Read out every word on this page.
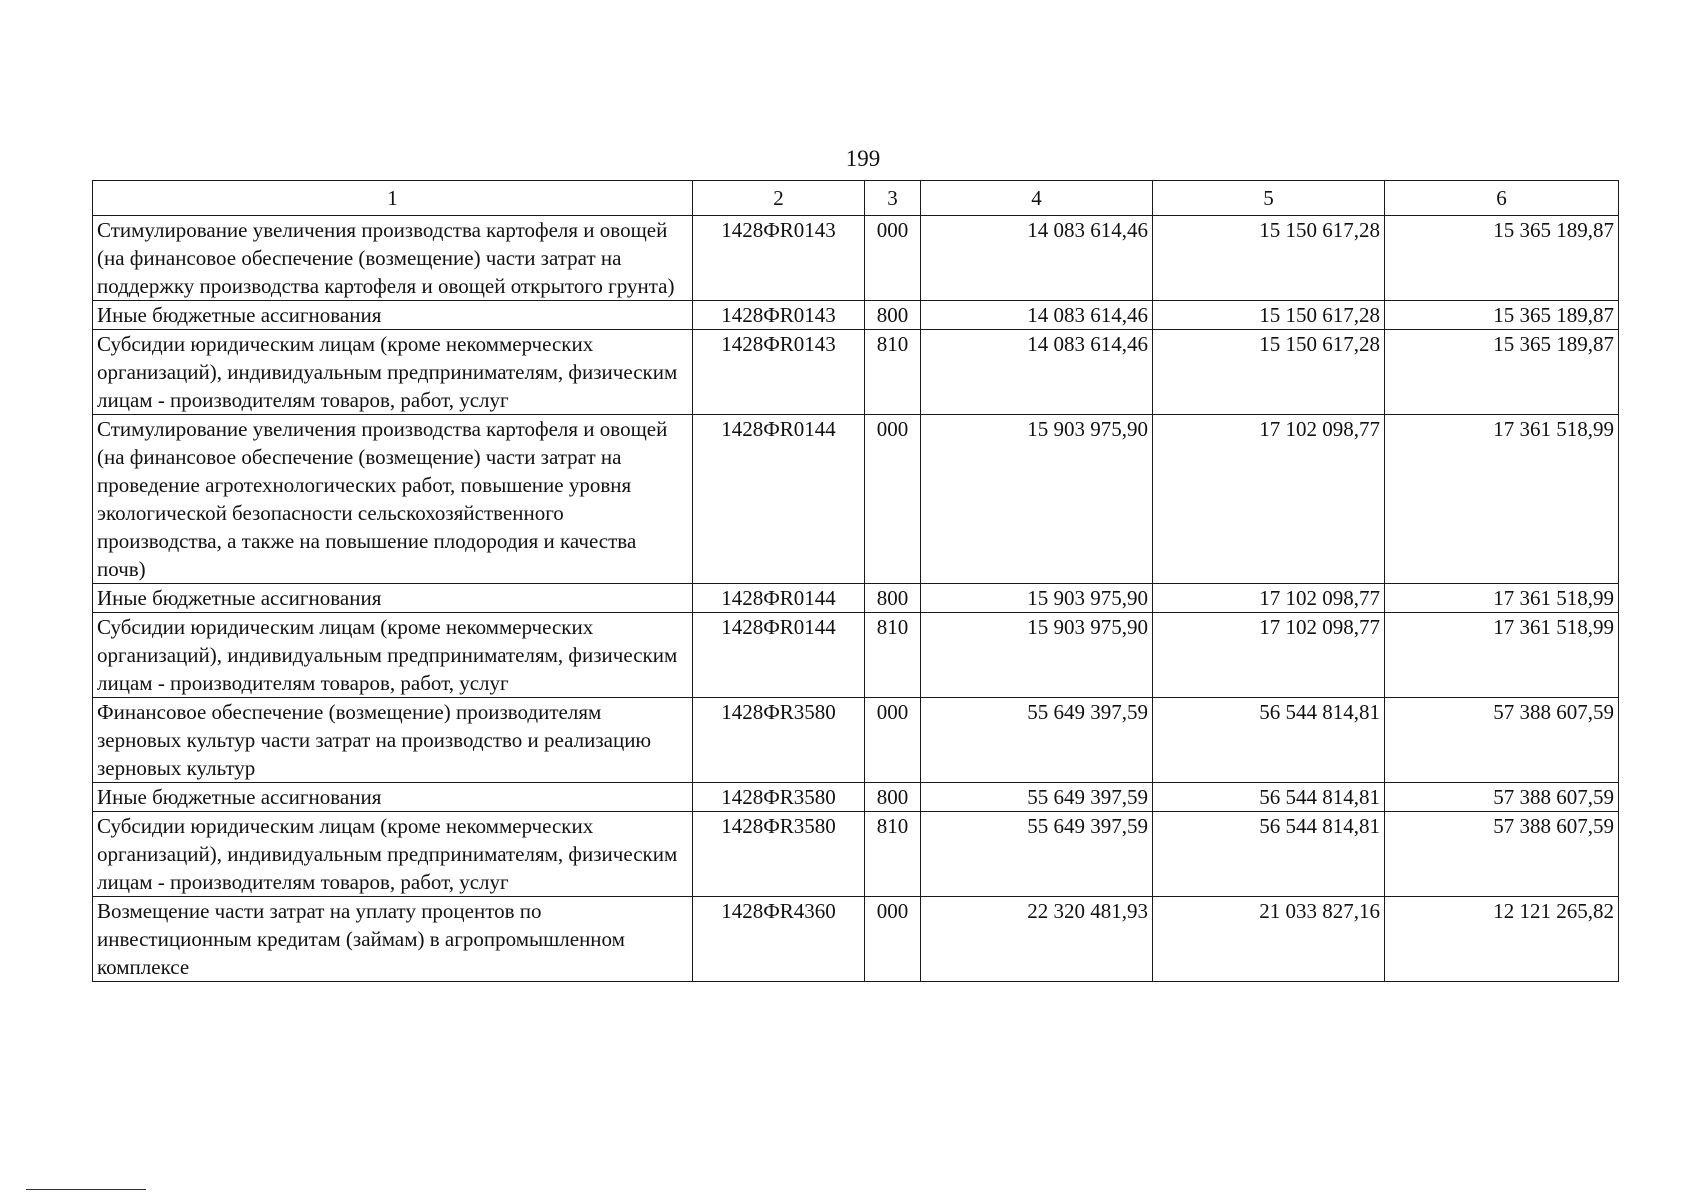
199
1	2	3	4	5	6
Стимулирование увеличения производства картофеля и овощей (на финансовое обеспечение (возмещение) части затрат на поддержку производства картофеля и овощей открытого грунта)	1428ФR0143	000	14 083 614,46	15 150 617,28	15 365 189,87
Иные бюджетные ассигнования	1428ФR0143	800	14 083 614,46	15 150 617,28	15 365 189,87
Субсидии юридическим лицам (кроме некоммерческих организаций), индивидуальным предпринимателям, физическим лицам - производителям товаров, работ, услуг	1428ФR0143	810	14 083 614,46	15 150 617,28	15 365 189,87
Стимулирование увеличения производства картофеля и овощей (на финансовое обеспечение (возмещение) части затрат на проведение агротехнологических работ, повышение уровня экологической безопасности сельскохозяйственного производства, а также на повышение плодородия и качества почв)	1428ФR0144	000	15 903 975,90	17 102 098,77	17 361 518,99
Иные бюджетные ассигнования	1428ФR0144	800	15 903 975,90	17 102 098,77	17 361 518,99
Субсидии юридическим лицам (кроме некоммерческих организаций), индивидуальным предпринимателям, физическим лицам - производителям товаров, работ, услуг	1428ФR0144	810	15 903 975,90	17 102 098,77	17 361 518,99
Финансовое обеспечение (возмещение) производителям зерновых культур части затрат на производство и реализацию зерновых культур	1428ФR3580	000	55 649 397,59	56 544 814,81	57 388 607,59
Иные бюджетные ассигнования	1428ФR3580	800	55 649 397,59	56 544 814,81	57 388 607,59
Субсидии юридическим лицам (кроме некоммерческих организаций), индивидуальным предпринимателям, физическим лицам - производителям товаров, работ, услуг	1428ФR3580	810	55 649 397,59	56 544 814,81	57 388 607,59
Возмещение части затрат на уплату процентов по инвестиционным кредитам (займам) в агропромышленном комплексе	1428ФR4360	000	22 320 481,93	21 033 827,16	12 121 265,82
